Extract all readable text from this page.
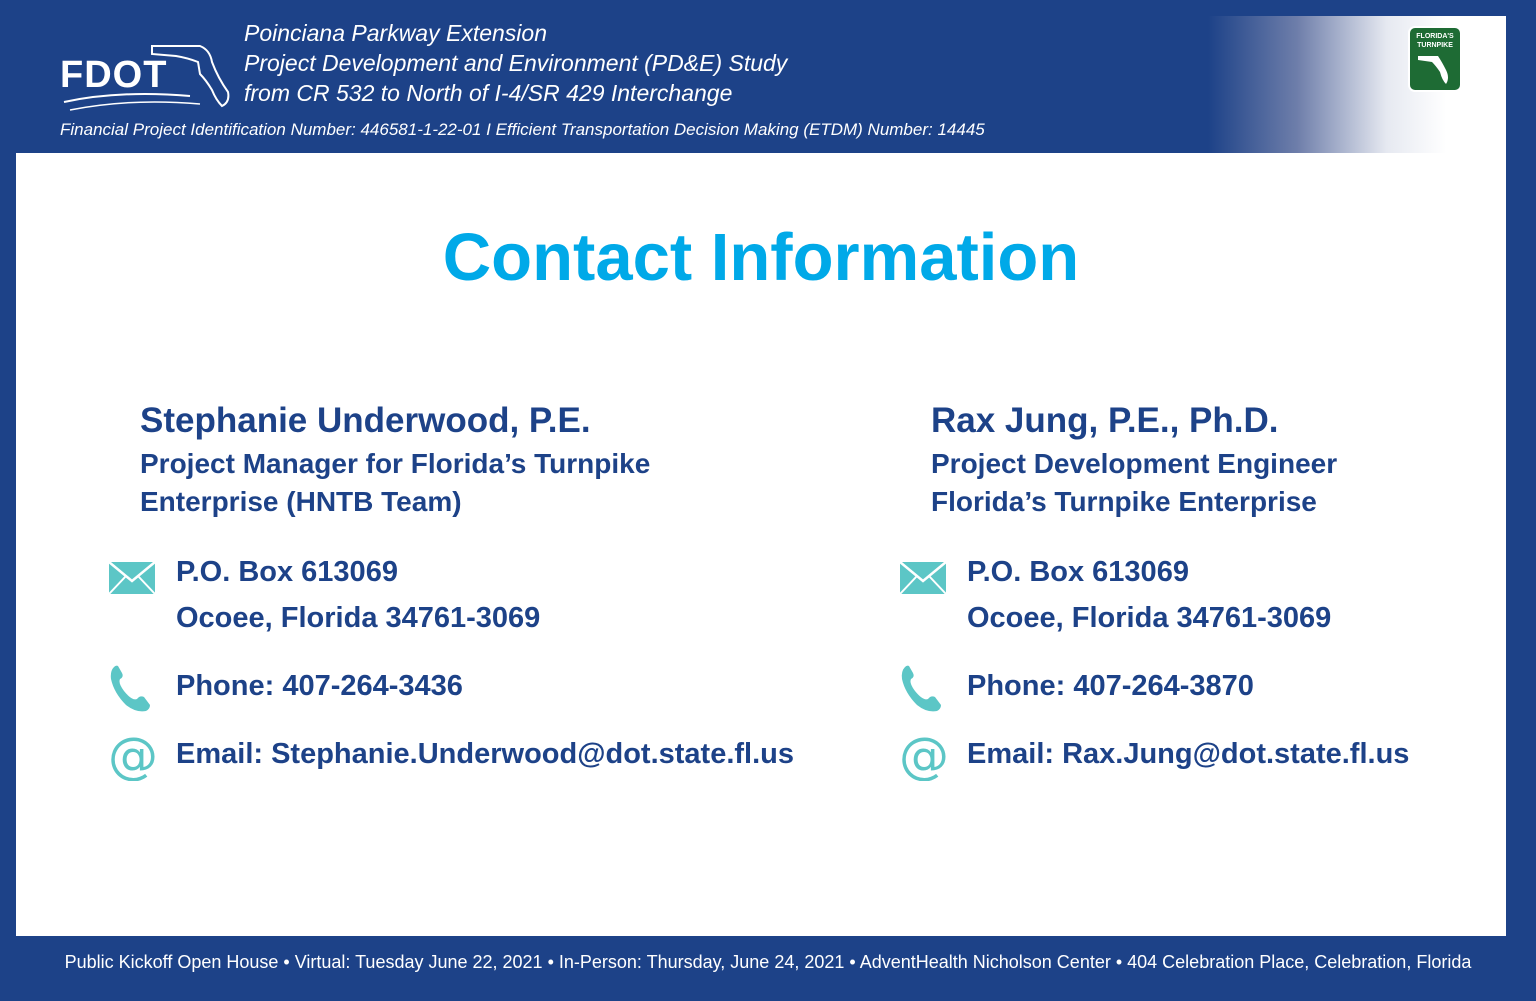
FDOT
Poinciana Parkway Extension
Project Development and Environment (PD&E) Study
from CR 532 to North of I-4/SR 429 Interchange
Financial Project Identification Number: 446581-1-22-01 I Efficient Transportation Decision Making (ETDM) Number: 14445
FLORIDA'S
TURNPIKE
Contact Information
Stephanie Underwood, P.E.
Project Manager for Florida’s Turnpike
Enterprise (HNTB Team)
P.O. Box 613069
Ocoee, Florida 34761-3069
Phone: 407-264-3436
@ Email: Stephanie.Underwood@dot.state.fl.us
Rax Jung, P.E., Ph.D.
Project Development Engineer
Florida’s Turnpike Enterprise
P.O. Box 613069
Ocoee, Florida 34761-3069
Phone: 407-264-3870
@ Email: Rax.Jung@dot.state.fl.us
Public Kickoff Open House • Virtual: Tuesday June 22, 2021 • In-Person: Thursday, June 24, 2021 • AdventHealth Nicholson Center • 404 Celebration Place, Celebration, Florida
